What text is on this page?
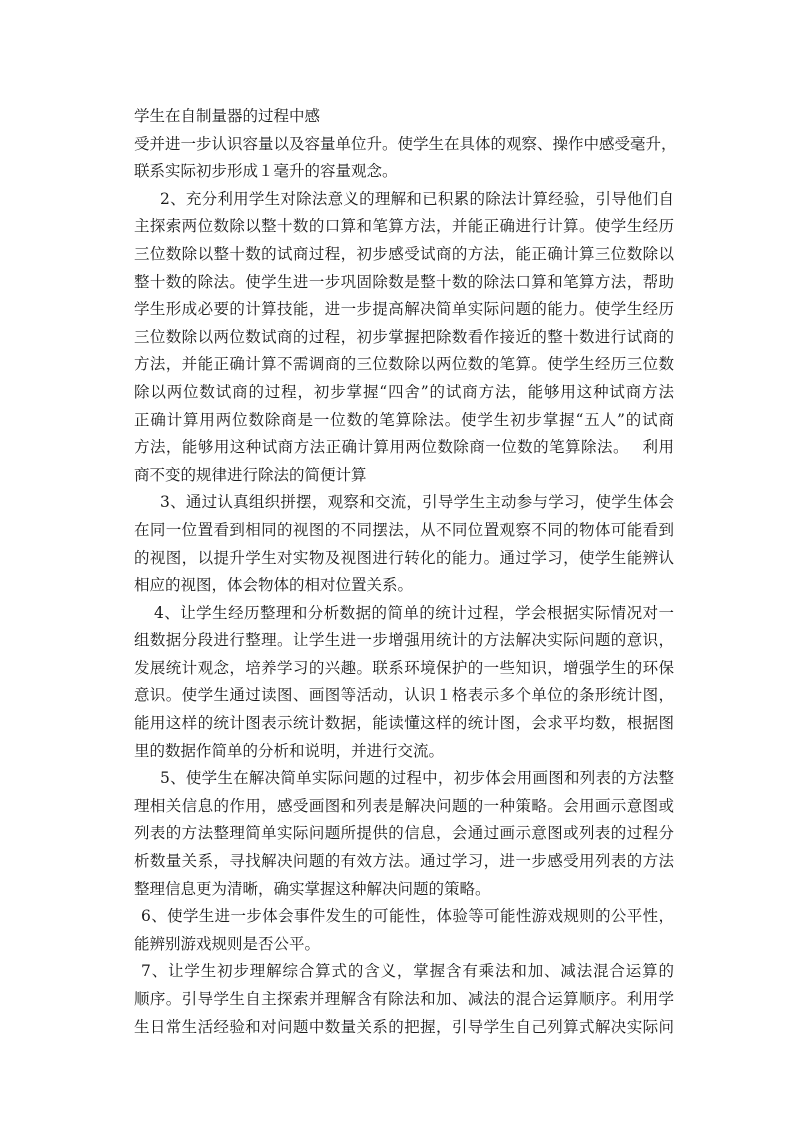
学生在自制量器的过程中感
受并进一步认识容量以及容量单位升。使学生在具体的观察、操作中感受毫升，
联系实际初步形成１毫升的容量观念。
2、充分利用学生对除法意义的理解和已积累的除法计算经验，引导他们自
主探索两位数除以整十数的口算和笔算方法，并能正确进行计算。使学生经历
三位数除以整十数的试商过程，初步感受试商的方法，能正确计算三位数除以
整十数的除法。使学生进一步巩固除数是整十数的除法口算和笔算方法，帮助
学生形成必要的计算技能，进一步提高解决简单实际问题的能力。使学生经历
三位数除以两位数试商的过程，初步掌握把除数看作接近的整十数进行试商的
方法，并能正确计算不需调商的三位数除以两位数的笔算。使学生经历三位数
除以两位数试商的过程，初步掌握“四舍”的试商方法，能够用这种试商方法
正确计算用两位数除商是一位数的笔算除法。使学生初步掌握“五人”的试商
方法，能够用这种试商方法正确计算用两位数除商一位数的笔算除法。　 利用
商不变的规律进行除法的简便计算
3、通过认真组织拼摆，观察和交流，引导学生主动参与学习，使学生体会
在同一位置看到相同的视图的不同摆法，从不同位置观察不同的物体可能看到
的视图，以提升学生对实物及视图进行转化的能力。通过学习，使学生能辨认
相应的视图，体会物体的相对位置关系。
4、让学生经历整理和分析数据的简单的统计过程，学会根据实际情况对一
组数据分段进行整理。让学生进一步增强用统计的方法解决实际问题的意识，
发展统计观念，培养学习的兴趣。联系环境保护的一些知识，增强学生的环保
意识。使学生通过读图、画图等活动，认识１格表示多个单位的条形统计图，
能用这样的统计图表示统计数据，能读懂这样的统计图，会求平均数，根据图
里的数据作简单的分析和说明，并进行交流。
5、使学生在解决简单实际问题的过程中，初步体会用画图和列表的方法整
理相关信息的作用，感受画图和列表是解决问题的一种策略。会用画示意图或
列表的方法整理简单实际问题所提供的信息，会通过画示意图或列表的过程分
析数量关系，寻找解决问题的有效方法。通过学习，进一步感受用列表的方法
整理信息更为清晰，确实掌握这种解决问题的策略。
6、使学生进一步体会事件发生的可能性，体验等可能性游戏规则的公平性，
能辨别游戏规则是否公平。
7、让学生初步理解综合算式的含义，掌握含有乘法和加、减法混合运算的
顺序。引导学生自主探索并理解含有除法和加、减法的混合运算顺序。利用学
生日常生活经验和对问题中数量关系的把握，引导学生自己列算式解决实际问
